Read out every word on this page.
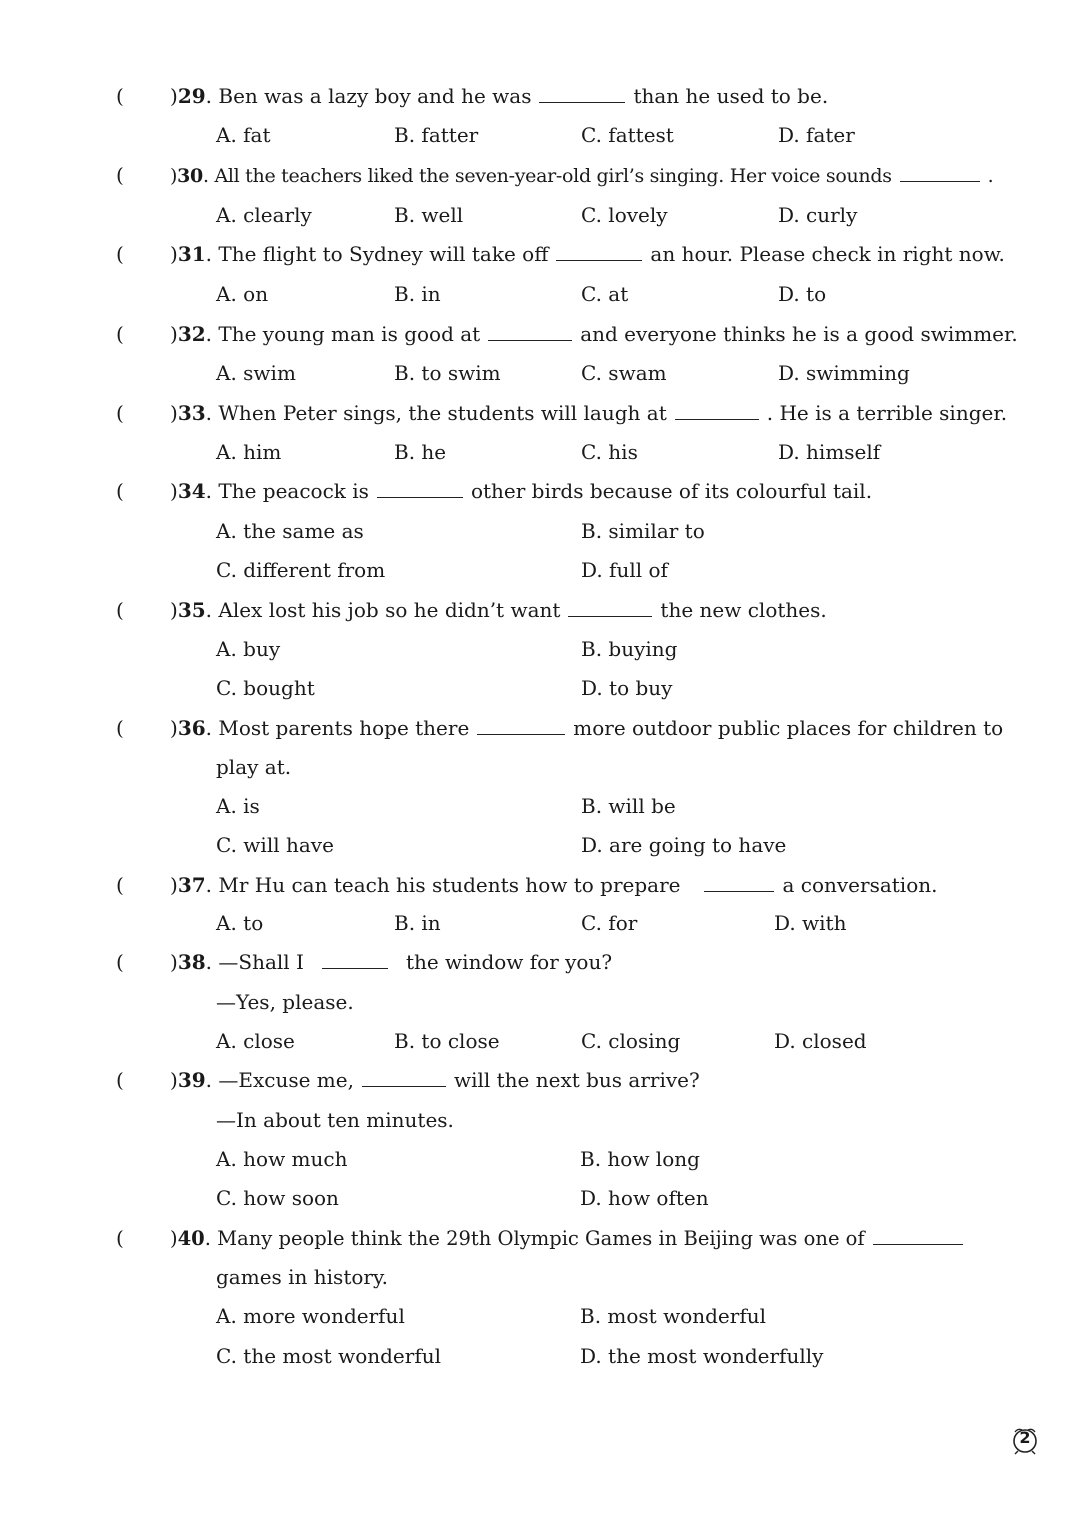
( )29. Ben was a lazy boy and he was	than he used to be.
A. fat	B. fatter	C. fattest	D. fater
( )30. All the teachers liked the seven-year-old girl’s singing. Her voice sounds	.
A. clearly	B. well	C. lovely	D. curly
( )31. The flight to Sydney will take off	an hour. Please check in right now.
A. on	B. in	C. at	D. to
( )32. The young man is good at	and everyone thinks he is a good swimmer.
A. swim	B. to swim	C. swam	D. swimming
( )33. When Peter sings, the students will laugh at	. He is a terrible singer.
A. him	B. he	C. his	D. himself
( )34. The peacock is	other birds because of its colourful tail.
A. the same as	B. similar to
C. different from	D. full of
( )35. Alex lost his job so he didn’t want	the new clothes.
A. buy	B. buying
C. bought	D. to buy
( )36. Most parents hope there	more outdoor public places for children to
play at.
A. is	B. will be
C. will have	D. are going to have
( )37. Mr Hu can teach his students how to prepare	a conversation.
A. to	B. in	C. for	D. with
( )38. —Shall I	the window for you?
—Yes, please.
A. close	B. to close	C. closing	D. closed
( )39. —Excuse me,	will the next bus arrive?
—In about ten minutes.
A. how much	B. how long
C. how soon	D. how often
( )40. Many people think the 29th Olympic Games in Beijing was one of
games in history.
A. more wonderful	B. most wonderful
C. the most wonderful	D. the most wonderfully
2
